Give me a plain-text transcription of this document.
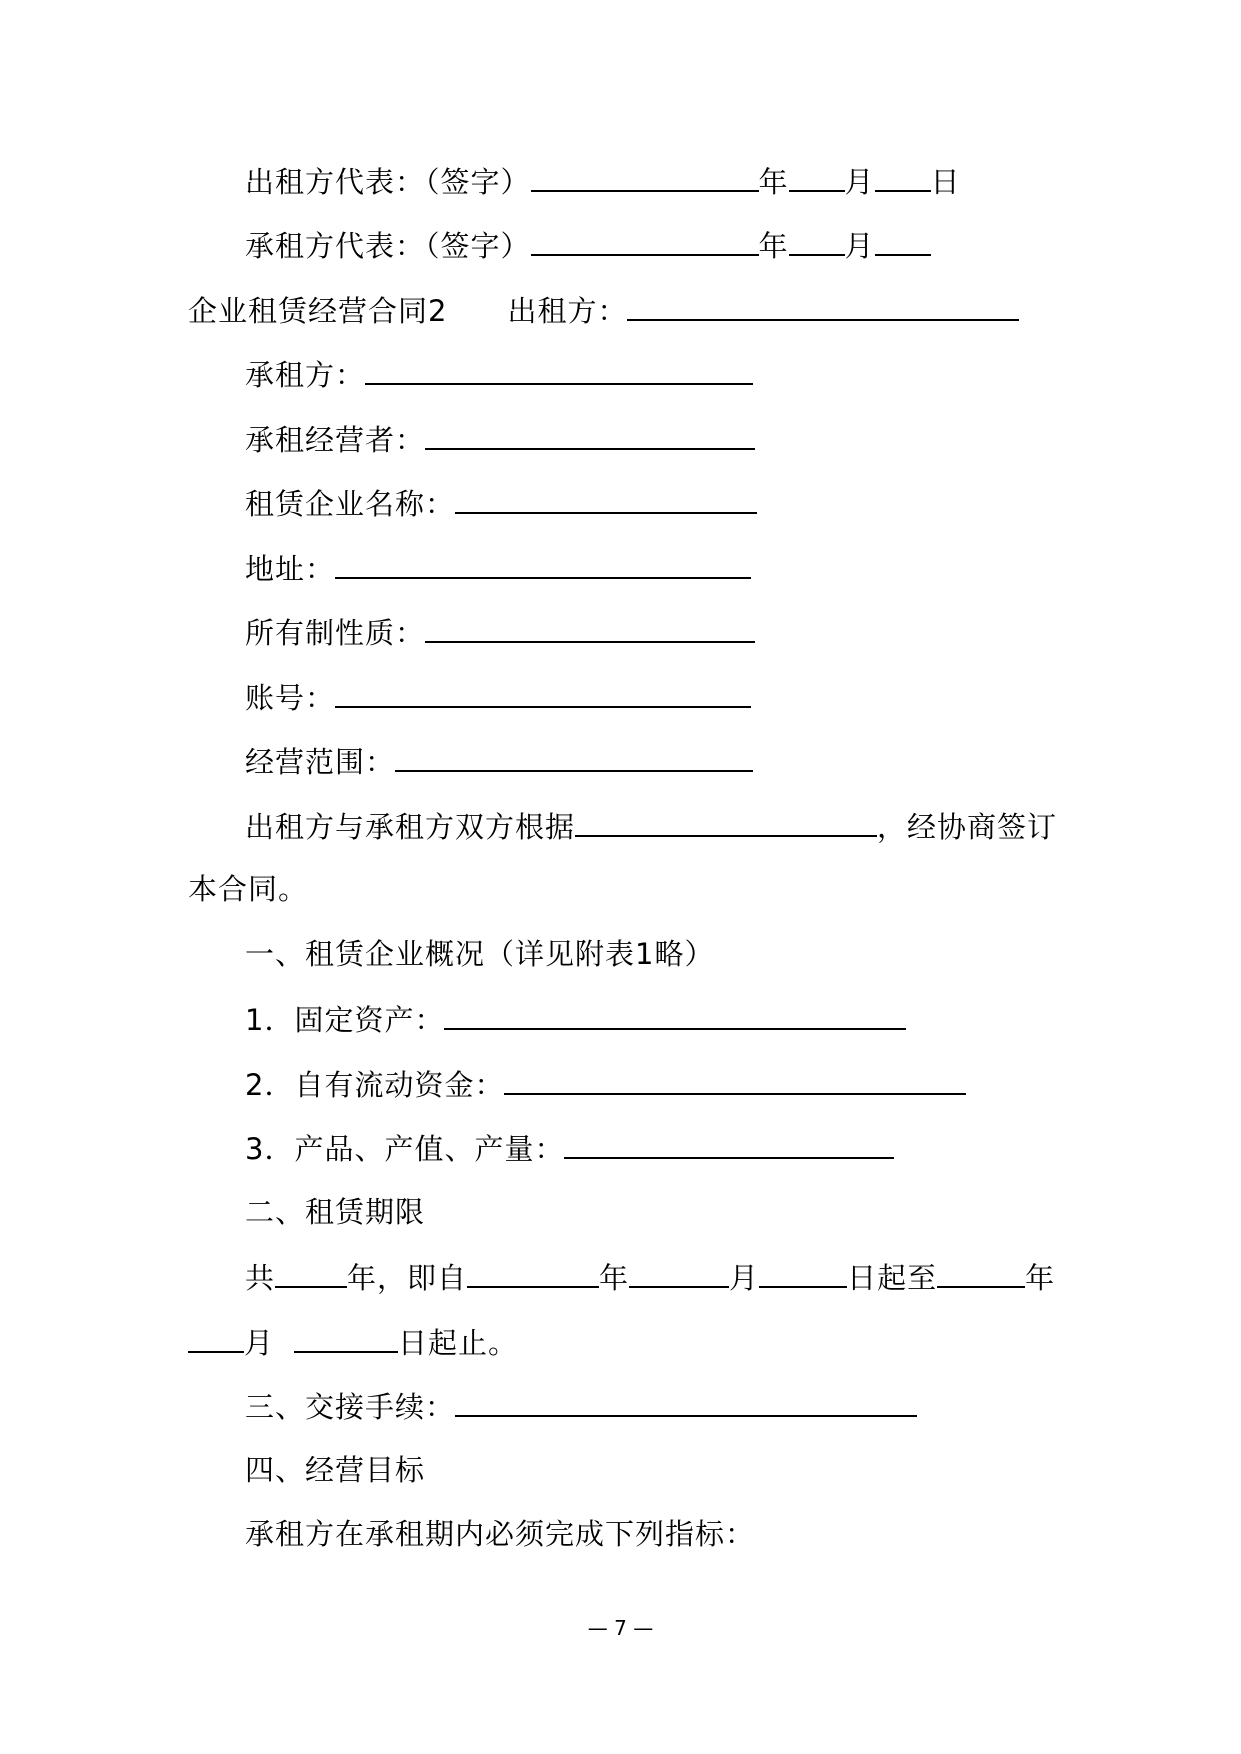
出租方代表：（签字）	年 月 日
承租方代表：（签字）	年 月
企业租赁经营合同2 出租方：
承租方：
承租经营者：
租赁企业名称：
地址：
所有制性质：
账号：
经营范围：
出租方与承租方双方根据	，经协商签订
本合同。
一、租赁企业概况（详见附表1略）
1．固定资产：
2．自有流动资金：
3．产品、产值、产量：
二、租赁期限
共 年，即自	年	月	日起至	年
月	日起止。
三、交接手续：
四、经营目标
承租方在承租期内必须完成下列指标：
— 7 —
